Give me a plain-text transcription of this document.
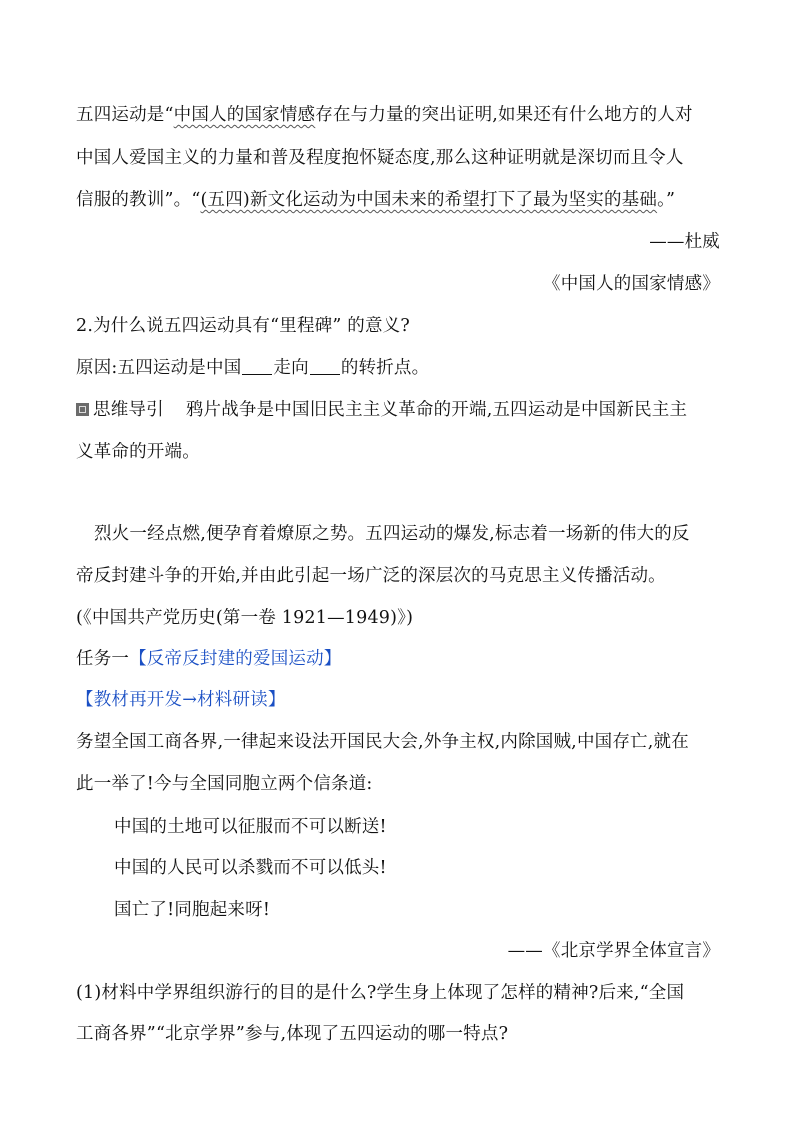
五四运动是“中国人的国家情感存在与力量的突出证明,如果还有什么地方的人对
中国人爱国主义的力量和普及程度抱怀疑态度,那么这种证明就是深切而且令人
信服的教训”。“(五四)新文化运动为中国未来的希望打下了最为坚实的基础。”
——杜威
《中国人的国家情感》
2.为什么说五四运动具有“里程碑” 的意义?
原因:五四运动是中国 走向 的转折点。
思维导引 鸦片战争是中国旧民主主义革命的开端,五四运动是中国新民主主
义革命的开端。
烈火一经点燃,便孕育着燎原之势。五四运动的爆发,标志着一场新的伟大的反
帝反封建斗争的开始,并由此引起一场广泛的深层次的马克思主义传播活动。
(《中国共产党历史(第一卷 1921—1949)》)
任务一【反帝反封建的爱国运动】
【教材再开发→材料研读】
务望全国工商各界,一律起来设法开国民大会,外争主权,内除国贼,中国存亡,就在
此一举了!今与全国同胞立两个信条道:
中国的土地可以征服而不可以断送!
中国的人民可以杀戮而不可以低头!
国亡了!同胞起来呀!
——《北京学界全体宣言》
(1)材料中学界组织游行的目的是什么?学生身上体现了怎样的精神?后来,“全国
工商各界”“北京学界”参与,体现了五四运动的哪一特点?
